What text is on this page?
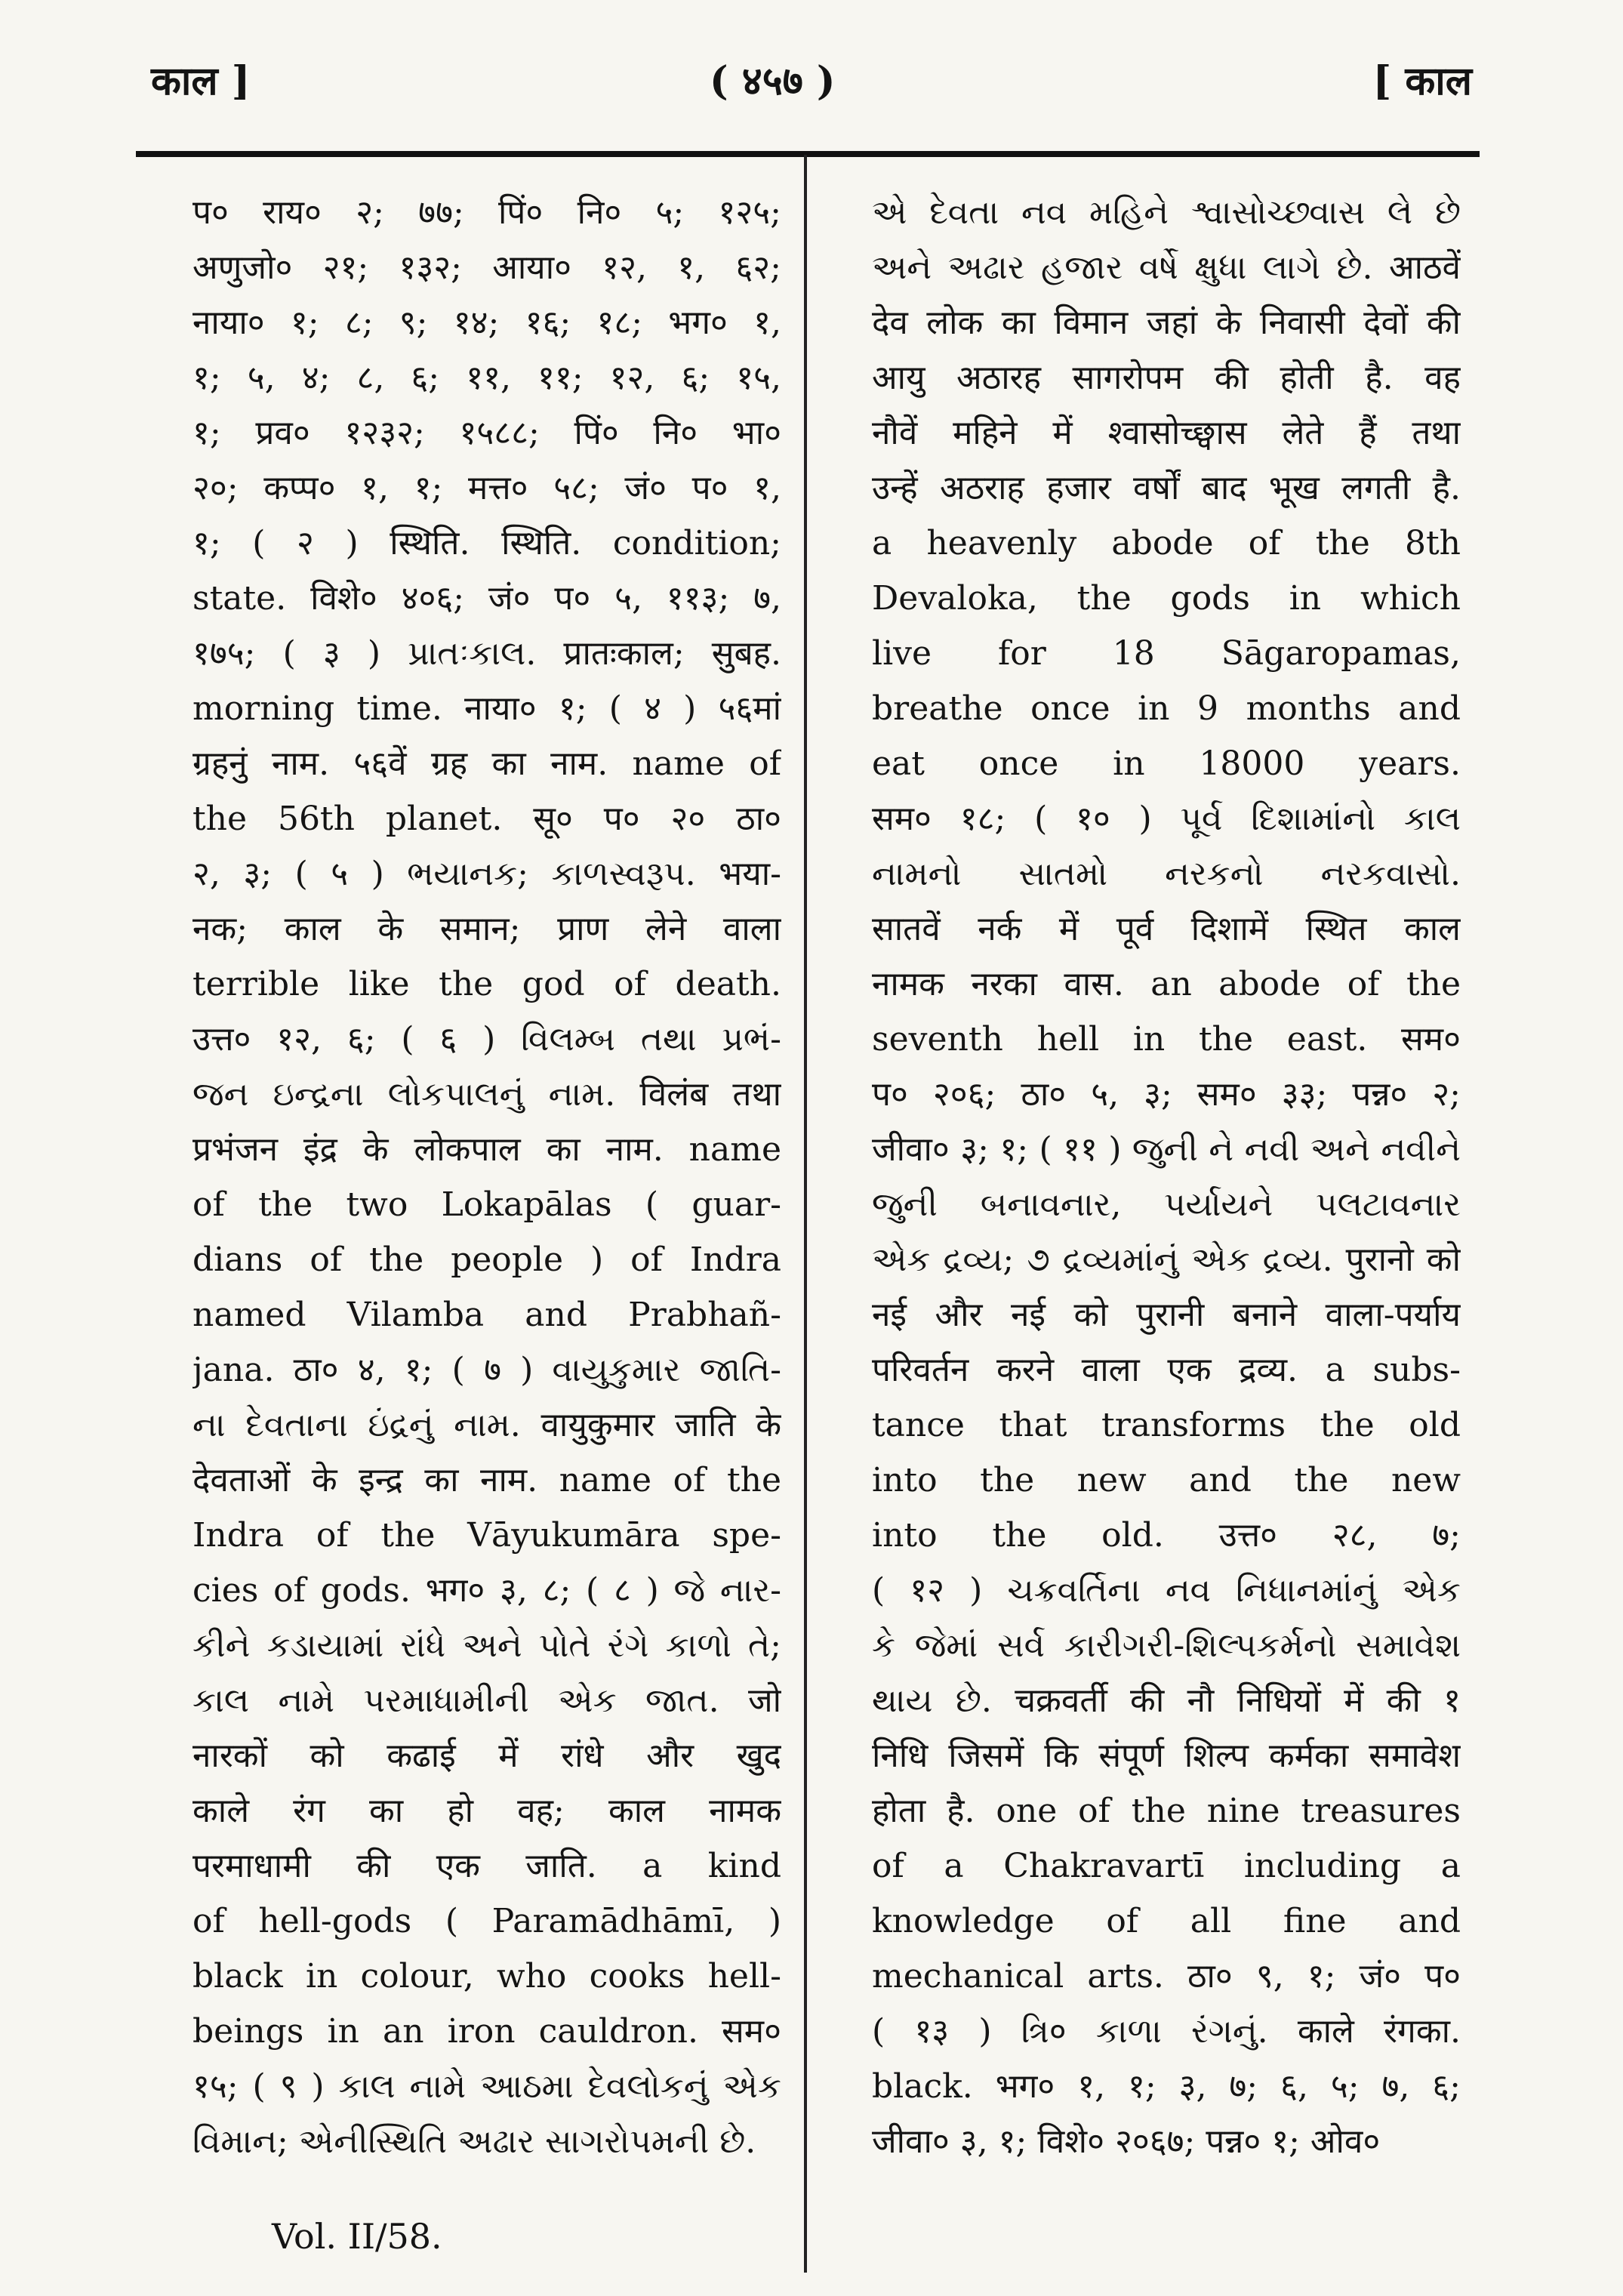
काल ]	( ४५७ )	[ काल
प० राय० २; ७७; पिं० नि० ५; १२५;
अणुजो० २१; १३२; आया० १२, १, ६२;
नाया० १; ८; ९; १४; १६; १८; भग० १,
१; ५, ४; ८, ६; ११, ११; १२, ६; १५,
१; प्रव० १२३२; १५८८; पिं० नि० भा०
२०; कप्प० १, १; मत्त० ५८; जं० प० १,
१; ( २ ) स्थिति. स्थिति. condition;
state. विशे० ४०६; जं० प० ५, ११३; ७,
१७५; ( ३ ) પ્રાતઃકાલ. प्रातःकाल; सुबह.
morning time. नाया० १; ( ४ ) ५६मां
ग्रहनुं नाम. ५६वें ग्रह का नाम. name of
the 56th planet. सू० प० २० ठा०
२, ३; ( ५ ) ભયાનક; કાળસ્વરૂપ. भया-
नक; काल के समान; प्राण लेने वाला
terrible like the god of death.
उत्त० १२, ६; ( ६ ) વિલમ્બ તથા પ્રભં-
જન ઇન્દ્રના લોકપાલનું નામ. विलंब तथा
प्रभंजन इंद्र के लोकपाल का नाम. name
of the two Lokapālas ( guar-
dians of the people ) of Indra
named Vilamba and Prabhañ-
jana. ठा० ४, १; ( ७ ) વાયુકુમાર જાતિ-
ના દેવતાના ઇંદ્રનું નામ. वायुकुमार जाति के
देवताओं के इन्द्र का नाम. name of the
Indra of the Vāyukumāra spe-
cies of gods. भग० ३, ८; ( ८ ) જે નાર-
કીને કડાયામાં રાંધે અને પોતે રંગે કાળો તે;
કાલ નામે પરમાધામીની એક જાત. जो
नारकों को कढाई में रांधे और खुद
काले रंग का हो वह; काल नामक
परमाधामी की एक जाति. a kind
of hell-gods ( Paramādhāmī, )
black in colour, who cooks hell-
beings in an iron cauldron. सम०
१५; ( ९ ) કાલ નામે આઠમા દેવલોકનું એક
વિમાન; એનીસ્થિતિ અઢાર સાગરોપમની છે.
એ દેવતા નવ મહિને શ્વાસોચ્છ્વાસ લે છે
અને અઢાર હજાર વર્ષે ક્ષુધા લાગે છે. आठवें
देव लोक का विमान जहां के निवासी देवों की
आयु अठारह सागरोपम की होती है. वह
नौवें महिने में श्वासोच्छ्वास लेते हैं तथा
उन्हें अठराह हजार वर्षों बाद भूख लगती है.
a heavenly abode of the 8th
Devaloka, the gods in which
live for 18 Sāgaropamas,
breathe once in 9 months and
eat once in 18000 years.
सम० १८; ( १० ) પૂર્વ દિશામાંનો કાલ
નામનો સાતમો નરકનો નરકવાસો.
सातवें नर्क में पूर्व दिशामें स्थित काल
नामक नरका वास. an abode of the
seventh hell in the east. सम०
प० २०६; ठा० ५, ३; सम० ३३; पन्न० २;
जीवा० ३; १; ( ११ ) જુની ને નવી અને નવીને
જુની બનાવનાર, પર્યાયને પલટાવનાર
એક દ્રવ્ય; ૭ દ્રવ્યમાંનું એક દ્રવ્ય. पुरानो को
नई और नई को पुरानी बनाने वाला-पर्याय
परिवर्तन करने वाला एक द्रव्य. a subs-
tance that transforms the old
into the new and the new
into the old. उत्त० २८, ७;
( १२ ) ચક્રવર્તિના નવ નિધાનમાંનું એક
કે જેમાં સર્વ કારીગરી-શિલ્પકર્મનો સમાવેશ
થાય છે. चक्रवर्ती की नौ निधियों में की १
निधि जिसमें कि संपूर्ण शिल्प कर्मका समावेश
होता है. one of the nine treasures
of a Chakravartī including a
knowledge of all fine and
mechanical arts. ठा० ९, १; जं० प०
( १३ ) ત્રિ० કાળા રંગનું. काले रंगका.
black. भग० १, १; ३, ७; ६, ५; ७, ६;
जीवा० ३, १; विशे० २०६७; पन्न० १; ओव०
Vol. II/58.
